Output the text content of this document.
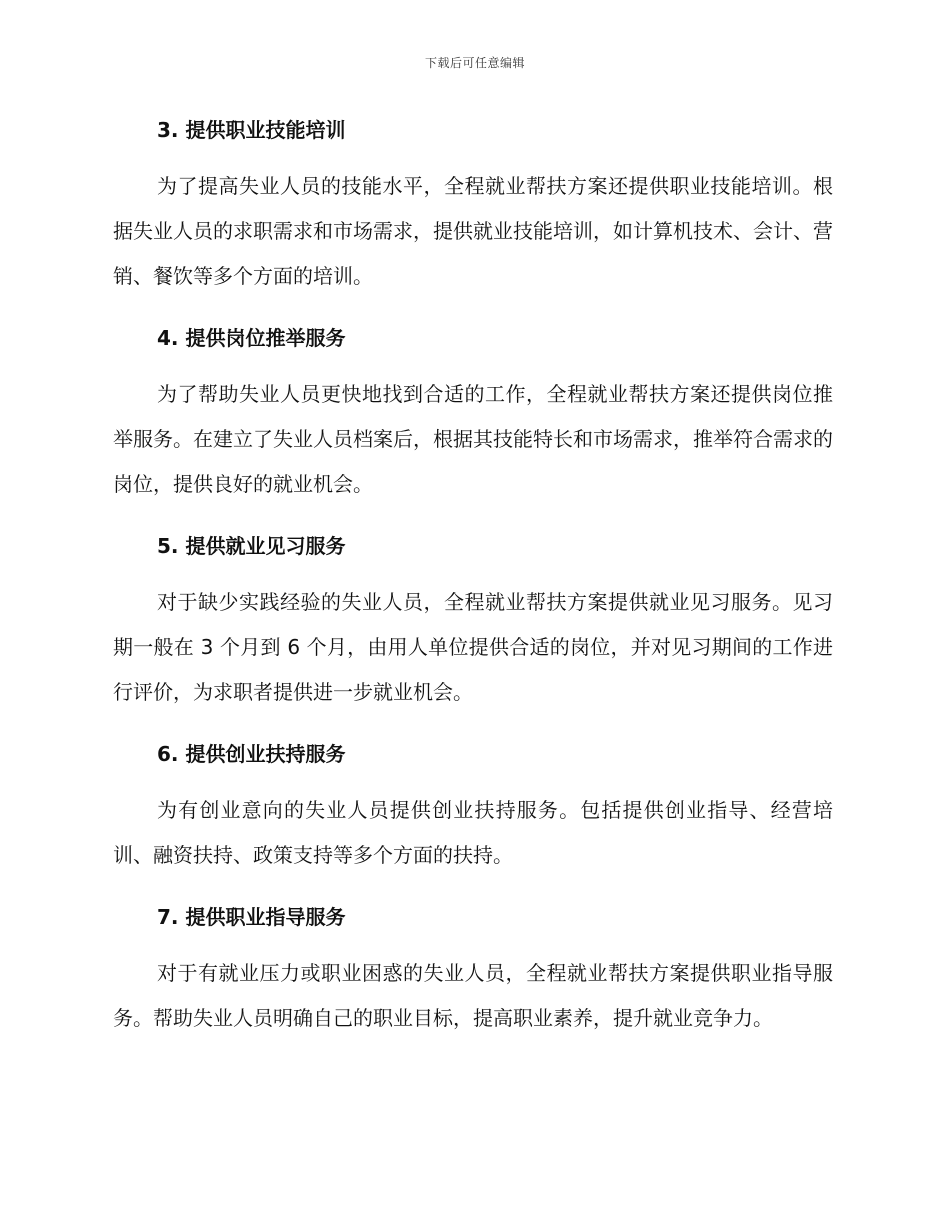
下载后可任意编辑
3. 提供职业技能培训

为了提高失业人员的技能水平，全程就业帮扶方案还提供职业技能培训。根据失业人员的求职需求和市场需求，提供就业技能培训，如计算机技术、会计、营销、餐饮等多个方面的培训。

4. 提供岗位推举服务

为了帮助失业人员更快地找到合适的工作，全程就业帮扶方案还提供岗位推举服务。在建立了失业人员档案后，根据其技能特长和市场需求，推举符合需求的岗位，提供良好的就业机会。

5. 提供就业见习服务

对于缺少实践经验的失业人员，全程就业帮扶方案提供就业见习服务。见习期一般在 3 个月到 6 个月，由用人单位提供合适的岗位，并对见习期间的工作进行评价，为求职者提供进一步就业机会。

6. 提供创业扶持服务

为有创业意向的失业人员提供创业扶持服务。包括提供创业指导、经营培训、融资扶持、政策支持等多个方面的扶持。

7. 提供职业指导服务

对于有就业压力或职业困惑的失业人员，全程就业帮扶方案提供职业指导服务。帮助失业人员明确自己的职业目标，提高职业素养，提升就业竞争力。
